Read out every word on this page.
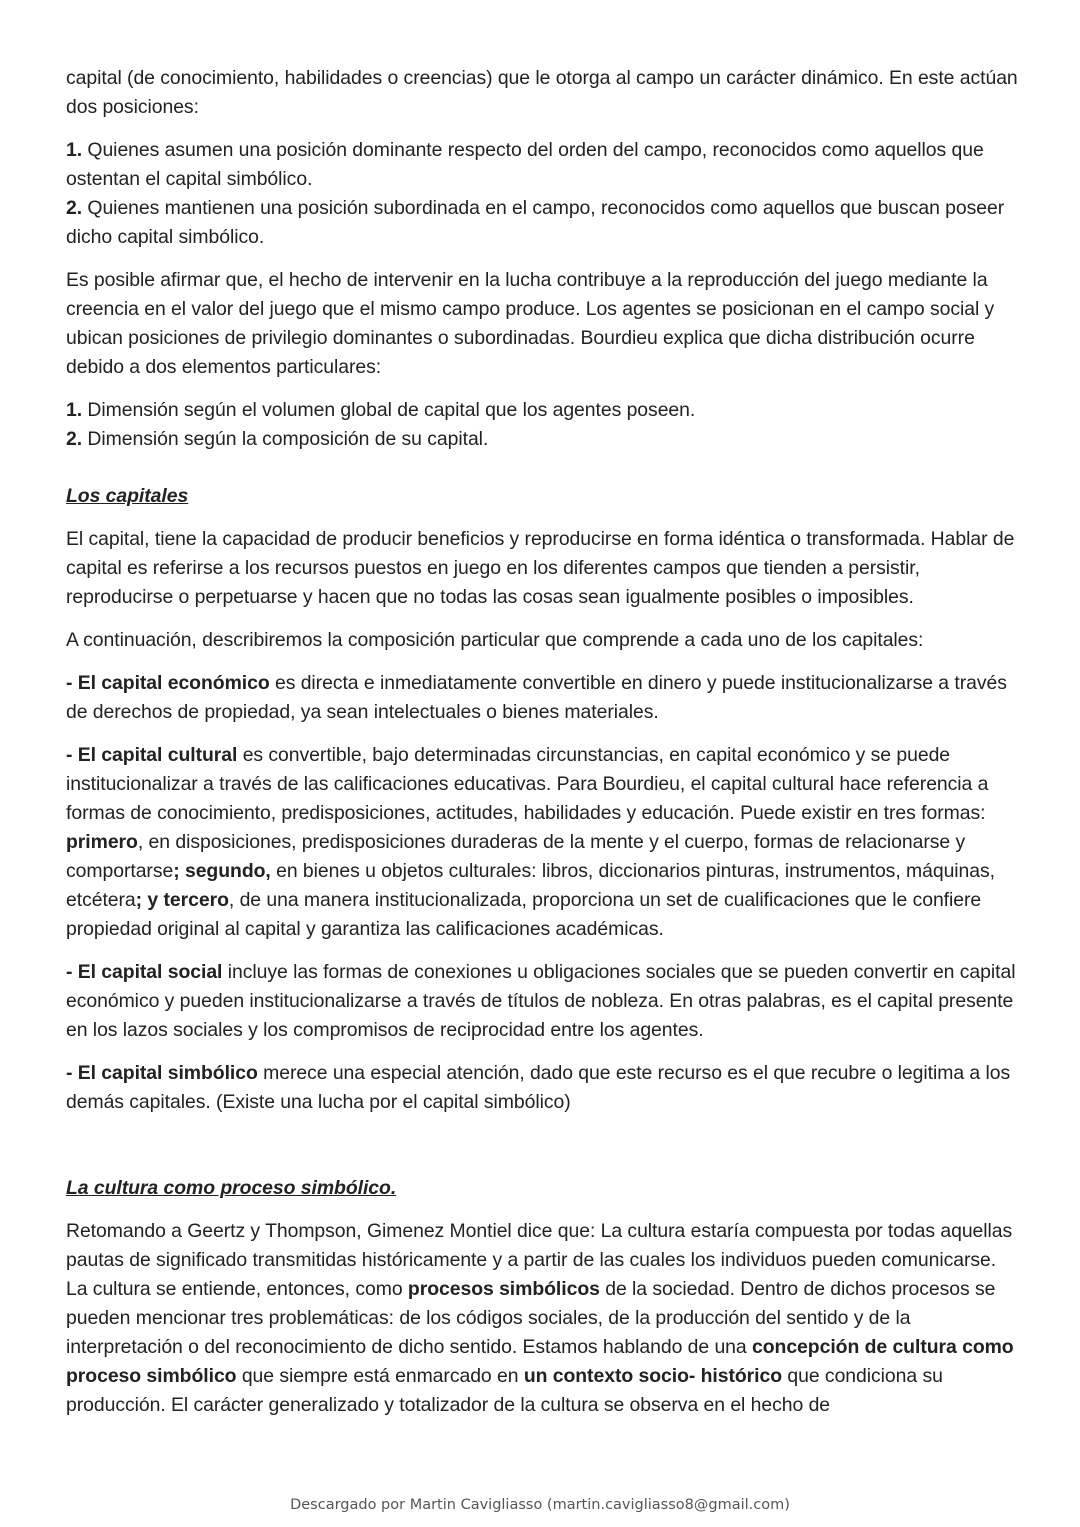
capital (de conocimiento, habilidades o creencias) que le otorga al campo un carácter dinámico. En este actúan dos posiciones:

1. Quienes asumen una posición dominante respecto del orden del campo, reconocidos como aquellos que ostentan el capital simbólico.

2. Quienes mantienen una posición subordinada en el campo, reconocidos como aquellos que buscan poseer dicho capital simbólico.

Es posible afirmar que, el hecho de intervenir en la lucha contribuye a la reproducción del juego mediante la creencia en el valor del juego que el mismo campo produce. Los agentes se posicionan en el campo social y ubican posiciones de privilegio dominantes o subordinadas. Bourdieu explica que dicha distribución ocurre debido a dos elementos particulares:

1. Dimensión según el volumen global de capital que los agentes poseen.

2. Dimensión según la composición de su capital.

Los capitales

El capital, tiene la capacidad de producir beneficios y reproducirse en forma idéntica o transformada. Hablar de capital es referirse a los recursos puestos en juego en los diferentes campos que tienden a persistir, reproducirse o perpetuarse y hacen que no todas las cosas sean igualmente posibles o imposibles.

A continuación, describiremos la composición particular que comprende a cada uno de los capitales:

- El capital económico es directa e inmediatamente convertible en dinero y puede institucionalizarse a través de derechos de propiedad, ya sean intelectuales o bienes materiales.

- El capital cultural es convertible, bajo determinadas circunstancias, en capital económico y se puede institucionalizar a través de las calificaciones educativas. Para Bourdieu, el capital cultural hace referencia a formas de conocimiento, predisposiciones, actitudes, habilidades y educación. Puede existir en tres formas: primero, en disposiciones, predisposiciones duraderas de la mente y el cuerpo, formas de relacionarse y comportarse; segundo, en bienes u objetos culturales: libros, diccionarios pinturas, instrumentos, máquinas, etcétera; y tercero, de una manera institucionalizada, proporciona un set de cualificaciones que le confiere propiedad original al capital y garantiza las calificaciones académicas.

- El capital social incluye las formas de conexiones u obligaciones sociales que se pueden convertir en capital económico y pueden institucionalizarse a través de títulos de nobleza. En otras palabras, es el capital presente en los lazos sociales y los compromisos de reciprocidad entre los agentes.

- El capital simbólico merece una especial atención, dado que este recurso es el que recubre o legitima a los demás capitales. (Existe una lucha por el capital simbólico)

La cultura como proceso simbólico.

Retomando a Geertz y Thompson, Gimenez Montiel dice que: La cultura estaría compuesta por todas aquellas pautas de significado transmitidas históricamente y a partir de las cuales los individuos pueden comunicarse. La cultura se entiende, entonces, como procesos simbólicos de la sociedad. Dentro de dichos procesos se pueden mencionar tres problemáticas: de los códigos sociales, de la producción del sentido y de la interpretación o del reconocimiento de dicho sentido. Estamos hablando de una concepción de cultura como proceso simbólico que siempre está enmarcado en un contexto socio- histórico que condiciona su producción. El carácter generalizado y totalizador de la cultura se observa en el hecho de

Descargado por Martin Cavigliasso (martin.cavigliasso8@gmail.com)
